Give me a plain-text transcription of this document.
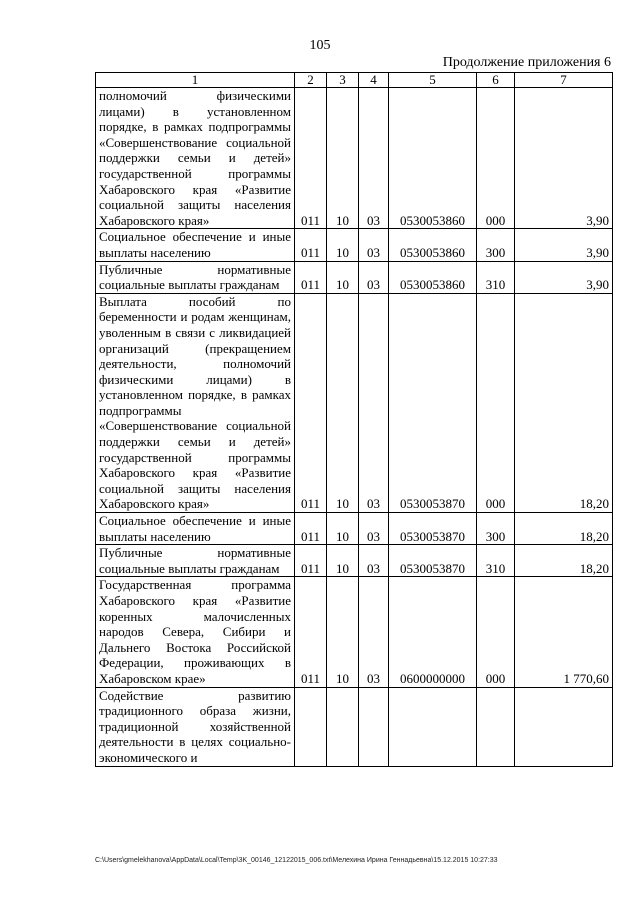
105
Продолжение приложения 6
1	2	3	4	5	6	7
полномочий физическими лицами) в установленном порядке, в рамках подпрограммы «Совершенствование социальной поддержки семьи и детей» государственной программы Хабаровского края «Развитие социальной защиты населения Хабаровского края»	011	10	03	0530053860	000	3,90
Социальное обеспечение и иные выплаты населению	011	10	03	0530053860	300	3,90
Публичные нормативные социальные выплаты гражданам	011	10	03	0530053860	310	3,90
Выплата пособий по беременности и родам женщинам, уволенным в связи с ликвидацией организаций (прекращением деятельности, полномочий физическими лицами) в установленном порядке, в рамках подпрограммы «Совершенствование социальной поддержки семьи и детей» государственной программы Хабаровского края «Развитие социальной защиты населения Хабаровского края»	011	10	03	0530053870	000	18,20
Социальное обеспечение и иные выплаты населению	011	10	03	0530053870	300	18,20
Публичные нормативные социальные выплаты гражданам	011	10	03	0530053870	310	18,20
Государственная программа Хабаровского края «Развитие коренных малочисленных народов Севера, Сибири и Дальнего Востока Российской Федерации, проживающих в Хабаровском крае»	011	10	03	0600000000	000	1 770,60
Содействие развитию традиционного образа жизни, традиционной хозяйственной деятельности в целях социально-экономического и						
C:\Users\gmelekhanova\AppData\Local\Temp\3K_00146_12122015_006.txt\Мелехина Ирина Геннадьевна\15.12.2015 10:27:33
